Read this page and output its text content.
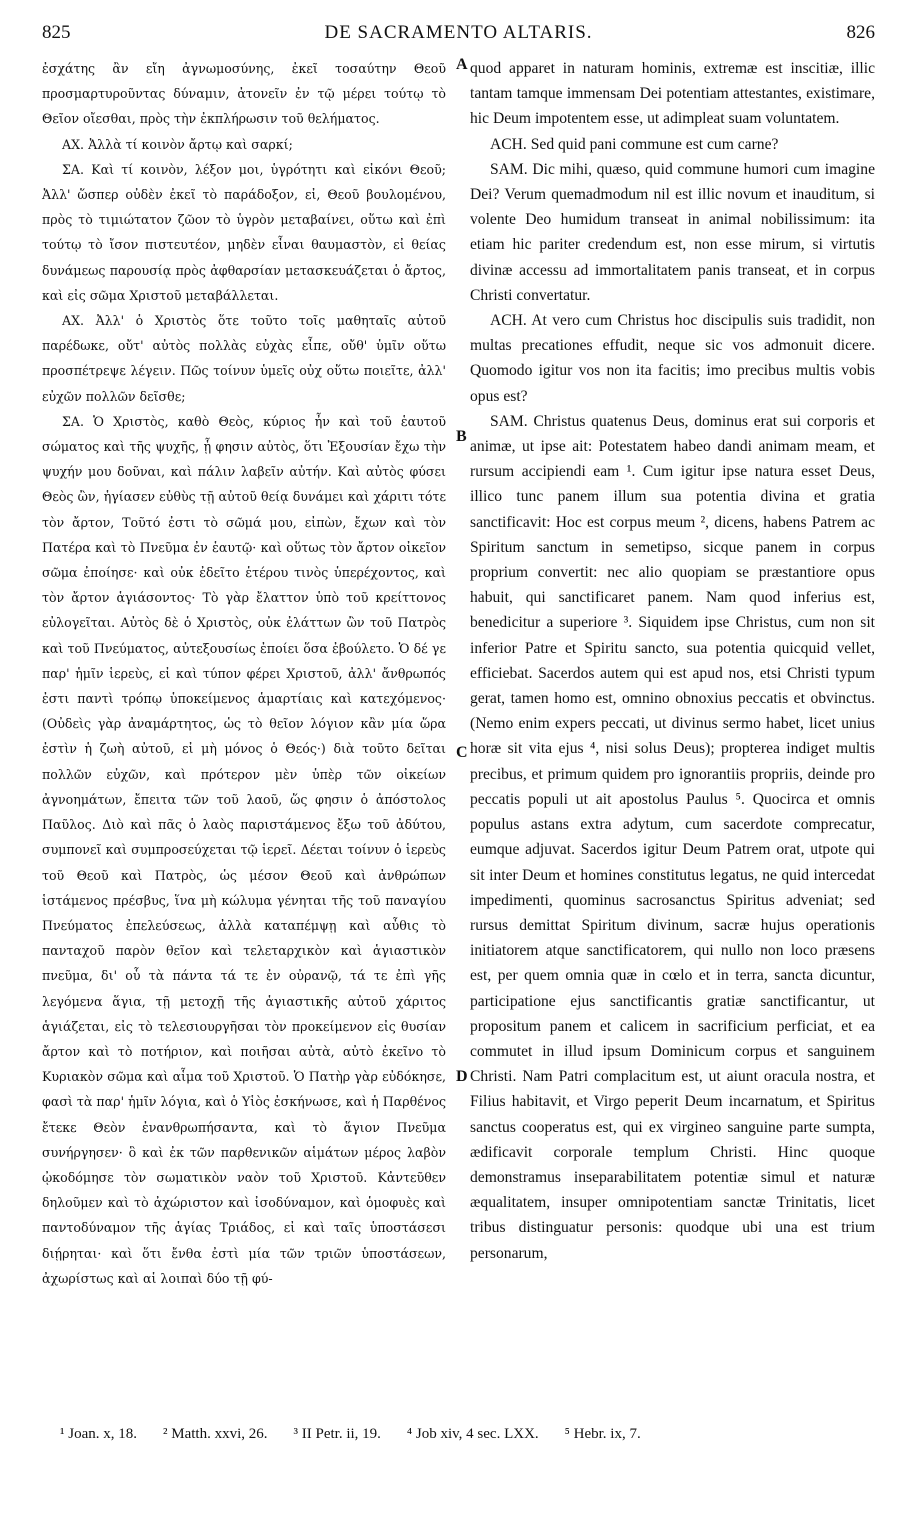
825	DE SACRAMENTO ALTARIS.	826

ἐσχάτης ἂν εἴη ἀγνωμοσύνης, ἐκεῖ τοσαύτην Θεοῦ προσμαρτυροῦντας δύναμιν, ἀτονεῖν ἐν τῷ μέρει τούτῳ τὸ Θεῖον οἴεσθαι, πρὸς τὴν ἐκπλήρωσιν τοῦ θελήματος.

ΑΧ. Ἀλλὰ τί κοινὸν ἄρτῳ καὶ σαρκί;

ΣΑ. Καὶ τί κοινὸν, λέξον μοι, ὑγρότητι καὶ εἰκόνι Θεοῦ; Ἀλλ' ὥσπερ οὐδὲν ἐκεῖ τὸ παράδοξον, εἰ, Θεοῦ βουλομένου, πρὸς τὸ τιμιώτατον ζῶον τὸ ὑγρὸν μεταβαίνει, οὕτω καὶ ἐπὶ τούτῳ τὸ ἴσον πιστευτέον, μηδὲν εἶναι θαυμαστὸν, εἰ θείας δυνάμεως παρουσίᾳ πρὸς ἀφθαρσίαν μετασκευάζεται ὁ ἄρτος, καὶ εἰς σῶμα Χριστοῦ μεταβάλλεται.

ΑΧ. Ἀλλ' ὁ Χριστὸς ὅτε τοῦτο τοῖς μαθηταῖς αὐτοῦ παρέδωκε, οὔτ' αὐτὸς πολλὰς εὐχὰς εἶπε, οὔθ' ὑμῖν οὕτω προσπέτρεψε λέγειν. Πῶς τοίνυν ὑμεῖς οὐχ οὕτω ποιεῖτε, ἀλλ' εὐχῶν πολλῶν δεῖσθε;

ΣΑ. Ὁ Χριστὸς, καθὸ Θεὸς, κύριος ἦν καὶ τοῦ ἑαυτοῦ σώματος καὶ τῆς ψυχῆς, ᾗ φησιν αὐτὸς, ὅτι Ἐξουσίαν ἔχω τὴν ψυχήν μου δοῦναι, καὶ πάλιν λαβεῖν αὐτήν. Καὶ αὐτὸς φύσει Θεὸς ὢν, ἡγίασεν εὐθὺς τῇ αὐτοῦ θείᾳ δυνάμει καὶ χάριτι τότε τὸν ἄρτον, Τοῦτό ἐστι τὸ σῶμά μου, εἰπὼν, ἔχων καὶ τὸν Πατέρα καὶ τὸ Πνεῦμα ἐν ἑαυτῷ· καὶ οὕτως τὸν ἄρτον οἰκεῖον σῶμα ἐποίησε· καὶ οὐκ ἐδεῖτο ἑτέρου τινὸς ὑπερέχοντος, καὶ τὸν ἄρτον ἁγιάσοντος· Τὸ γὰρ ἔλαττον ὑπὸ τοῦ κρείττονος εὐλογεῖται. Αὐτὸς δὲ ὁ Χριστὸς, οὐκ ἐλάττων ὢν τοῦ Πατρὸς καὶ τοῦ Πνεύματος, αὐτεξουσίως ἐποίει ὅσα ἐβούλετο. Ὁ δέ γε παρ' ἡμῖν ἱερεὺς, εἰ καὶ τύπον φέρει Χριστοῦ, ἀλλ' ἄνθρωπός ἐστι παντὶ τρόπῳ ὑποκείμενος ἁμαρτίαις καὶ κατεχόμενος· (Οὐδεὶς γὰρ ἀναμάρτητος, ὡς τὸ θεῖον λόγιον κἂν μία ὥρα ἐστὶν ἡ ζωὴ αὐτοῦ, εἰ μὴ μόνος ὁ Θεός·) διὰ τοῦτο δεῖται πολλῶν εὐχῶν, καὶ πρότερον μὲν ὑπὲρ τῶν οἰκείων ἀγνοημάτων, ἔπειτα τῶν τοῦ λαοῦ, ὥς φησιν ὁ ἀπόστολος Παῦλος. Διὸ καὶ πᾶς ὁ λαὸς παριστάμενος ἔξω τοῦ ἀδύτου, συμπονεῖ καὶ συμπροσεύχεται τῷ ἱερεῖ. Δέεται τοίνυν ὁ ἱερεὺς τοῦ Θεοῦ καὶ Πατρὸς, ὡς μέσον Θεοῦ καὶ ἀνθρώπων ἱστάμενος πρέσβυς, ἵνα μὴ κώλυμα γένηται τῆς τοῦ παναγίου Πνεύματος ἐπελεύσεως, ἀλλὰ καταπέμψῃ καὶ αὖθις τὸ πανταχοῦ παρὸν θεῖον καὶ τελεταρχικὸν καὶ ἁγιαστικὸν πνεῦμα, δι' οὗ τὰ πάντα τά τε ἐν οὐρανῷ, τά τε ἐπὶ γῆς λεγόμενα ἅγια, τῇ μετοχῇ τῆς ἁγιαστικῆς αὐτοῦ χάριτος ἁγιάζεται, εἰς τὸ τελεσιουργῆσαι τὸν προκείμενον εἰς θυσίαν ἄρτον καὶ τὸ ποτήριον, καὶ ποιῆσαι αὐτὰ, αὐτὸ ἐκεῖνο τὸ Κυριακὸν σῶμα καὶ αἷμα τοῦ Χριστοῦ. Ὁ Πατὴρ γὰρ εὐδόκησε, φασὶ τὰ παρ' ἡμῖν λόγια, καὶ ὁ Υἱὸς ἐσκήνωσε, καὶ ἡ Παρθένος ἔτεκε Θεὸν ἐνανθρωπήσαντα, καὶ τὸ ἅγιον Πνεῦμα συνήργησεν· ὃ καὶ ἐκ τῶν παρθενικῶν αἱμάτων μέρος λαβὸν ᾠκοδόμησε τὸν σωματικὸν ναὸν τοῦ Χριστοῦ. Κἀντεῦθεν δηλοῦμεν καὶ τὸ ἀχώριστον καὶ ἰσοδύναμον, καὶ ὁμοφυὲς καὶ παντοδύναμον τῆς ἁγίας Τριάδος, εἰ καὶ ταῖς ὑποστάσεσι διῄρηται· καὶ ὅτι ἔνθα ἐστὶ μία τῶν τριῶν ὑποστάσεων, ἀχωρίστως καὶ αἱ λοιπαὶ δύο τῇ φύ-

quod apparet in naturam hominis, extremæ est inscitiæ, illic tantam tamque immensam Dei potentiam attestantes, existimare, hic Deum impotentem esse, ut adimpleat suam voluntatem.

ACH. Sed quid pani commune est cum carne?

SAM. Dic mihi, quæso, quid commune humori cum imagine Dei? Verum quemadmodum nil est illic novum et inauditum, si volente Deo humidum transeat in animal nobilissimum: ita etiam hic pariter credendum est, non esse mirum, si virtutis divinæ accessu ad immortalitatem panis transeat, et in corpus Christi convertatur.

ACH. At vero cum Christus hoc discipulis suis tradidit, non multas precationes effudit, neque sic vos admonuit dicere. Quomodo igitur vos non ita facitis; imo precibus multis vobis opus est?

SAM. Christus quatenus Deus, dominus erat sui corporis et animæ, ut ipse ait: Potestatem habeo dandi animam meam, et rursum accipiendi eam ¹. Cum igitur ipse natura esset Deus, illico tunc panem illum sua potentia divina et gratia sanctificavit: Hoc est corpus meum ², dicens, habens Patrem ac Spiritum sanctum in semetipso, sicque panem in corpus proprium convertit: nec alio quopiam se præstantiore opus habuit, qui sanctificaret panem. Nam quod inferius est, benedicitur a superiore ³. Siquidem ipse Christus, cum non sit inferior Patre et Spiritu sancto, sua potentia quicquid vellet, efficiebat. Sacerdos autem qui est apud nos, etsi Christi typum gerat, tamen homo est, omnino obnoxius peccatis et obvinctus. (Nemo enim expers peccati, ut divinus sermo habet, licet unius horæ sit vita ejus ⁴, nisi solus Deus); propterea indiget multis precibus, et primum quidem pro ignorantiis propriis, deinde pro peccatis populi ut ait apostolus Paulus ⁵. Quocirca et omnis populus astans extra adytum, cum sacerdote comprecatur, eumque adjuvat. Sacerdos igitur Deum Patrem orat, utpote qui sit inter Deum et homines constitutus legatus, ne quid intercedat impedimenti, quominus sacrosanctus Spiritus adveniat; sed rursus demittat Spiritum divinum, sacræ hujus operationis initiatorem atque sanctificatorem, qui nullo non loco præsens est, per quem omnia quæ in cœlo et in terra, sancta dicuntur, participatione ejus sanctificantis gratiæ sanctificantur, ut propositum panem et calicem in sacrificium perficiat, et ea commutet in illud ipsum Dominicum corpus et sanguinem Christi. Nam Patri complacitum est, ut aiunt oracula nostra, et Filius habitavit, et Virgo peperit Deum incarnatum, et Spiritus sanctus cooperatus est, qui ex virgineo sanguine parte sumpta, ædificavit corporale templum Christi. Hinc quoque demonstramus inseparabilitatem potentiæ simul et naturæ æqualitatem, insuper omnipotentiam sanctæ Trinitatis, licet tribus distinguatur personis: quodque ubi una est trium personarum,

A
B
C
D
¹ Joan. x, 18. ² Matth. xxvi, 26. ³ II Petr. ii, 19. ⁴ Job xiv, 4 sec. LXX. ⁵ Hebr. ix, 7.
